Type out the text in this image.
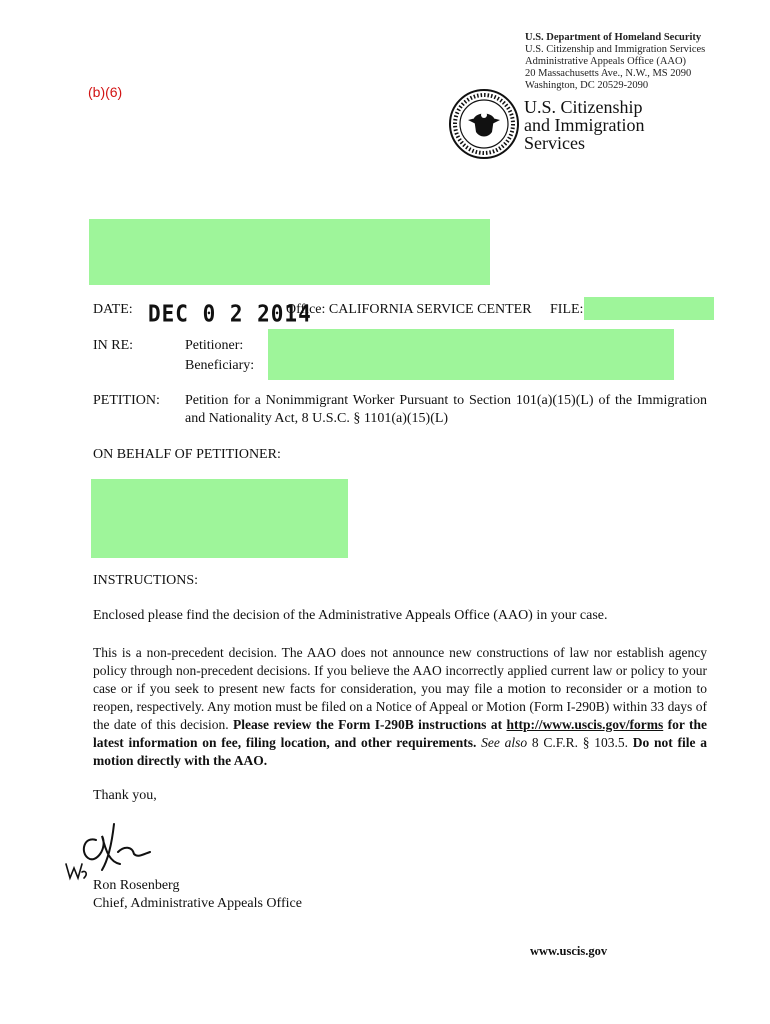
U.S. Department of Homeland Security
U.S. Citizenship and Immigration Services
Administrative Appeals Office (AAO)
20 Massachusetts Ave., N.W., MS 2090
Washington, DC 20529-2090
(b)(6)
U.S. Citizenship
and Immigration
Services
DATE: DEC 0 2 2014
Office: CALIFORNIA SERVICE CENTER FILE:
IN RE:	Petitioner:
Beneficiary:
PETITION: Petition for a Nonimmigrant Worker Pursuant to Section 101(a)(15)(L) of the Immigration
and Nationality Act, 8 U.S.C. § 1101(a)(15)(L)
ON BEHALF OF PETITIONER:
INSTRUCTIONS:
Enclosed please find the decision of the Administrative Appeals Office (AAO) in your case.
This is a non-precedent decision. The AAO does not announce new constructions of law nor establish agency policy through non-precedent decisions. If you believe the AAO incorrectly applied current law or policy to your case or if you seek to present new facts for consideration, you may file a motion to reconsider or a motion to reopen, respectively. Any motion must be filed on a Notice of Appeal or Motion (Form I-290B) within 33 days of the date of this decision. Please review the Form I-290B instructions at http://www.uscis.gov/forms for the latest information on fee, filing location, and other requirements. See also 8 C.F.R. § 103.5. Do not file a motion directly with the AAO.
Thank you,
Ron Rosenberg
Chief, Administrative Appeals Office
www.uscis.gov
